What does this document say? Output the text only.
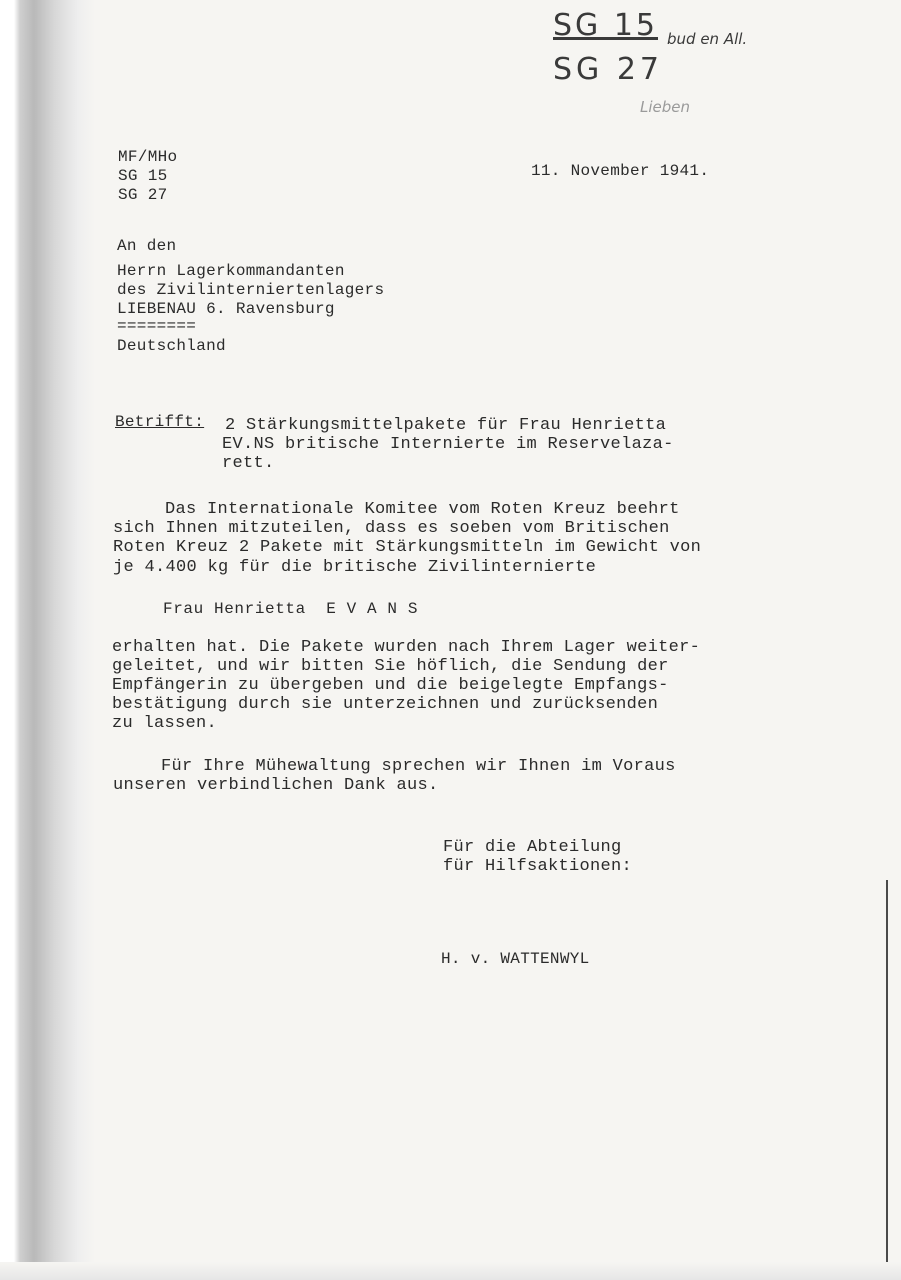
SG 15 bud en All.
SG 27
Lieben
MF/MHo
SG 15
SG 27
11. November 1941.
An den
Herrn Lagerkommandanten
des Zivilinterniertenlagers
LIEBENAU 6. Ravensburg
========
Deutschland
Betrifft: 2 Stärkungsmittelpakete für Frau Henrietta
EV.NS britische Internierte im Reservelaza-
rett.
Das Internationale Komitee vom Roten Kreuz beehrt
sich Ihnen mitzuteilen, dass es soeben vom Britischen
Roten Kreuz 2 Pakete mit Stärkungsmitteln im Gewicht von
je 4.400 kg für die britische Zivilinternierte
Frau Henrietta  E V A N S
erhalten hat. Die Pakete wurden nach Ihrem Lager weiter-
geleitet, und wir bitten Sie höflich, die Sendung der
Empfängerin zu übergeben und die beigelegte Empfangs-
bestätigung durch sie unterzeichnen und zurücksenden
zu lassen.
Für Ihre Mühewaltung sprechen wir Ihnen im Voraus
unseren verbindlichen Dank aus.
Für die Abteilung
für Hilfsaktionen:
H. v. WATTENWYL
